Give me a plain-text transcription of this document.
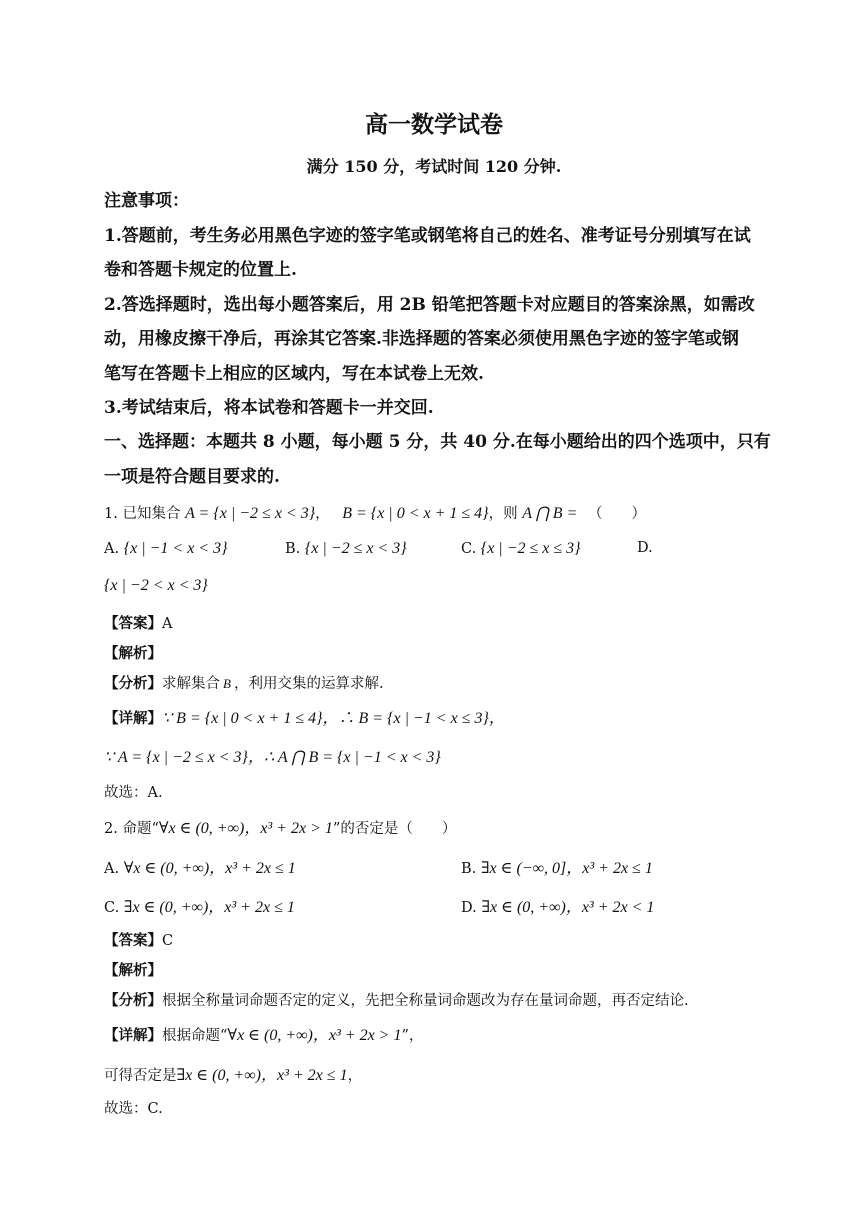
高一数学试卷
满分 150 分，考试时间 120 分钟.
注意事项：
1.答题前，考生务必用黑色字迹的签字笔或钢笔将自己的姓名、准考证号分别填写在试
卷和答题卡规定的位置上.
2.答选择题时，选出每小题答案后，用 2B 铅笔把答题卡对应题目的答案涂黑，如需改
动，用橡皮擦干净后，再涂其它答案.非选择题的答案必须使用黑色字迹的签字笔或钢
笔写在答题卡上相应的区域内，写在本试卷上无效.
3.考试结束后，将本试卷和答题卡一并交回.
一、选择题：本题共 8 小题，每小题 5 分，共 40 分.在每小题给出的四个选项中，只有
一项是符合题目要求的.
1. 已知集合 A = {x | −2 ≤ x < 3}， B = {x | 0 < x + 1 ≤ 4}，则 A ⋂ B = （　　）
A. {x | −1 < x < 3}	B. {x | −2 ≤ x < 3}	C. {x | −2 ≤ x ≤ 3}	D.
{x | −2 < x < 3}
【答案】A
【解析】
【分析】求解集合 B ，利用交集的运算求解.
【详解】∵ B = {x | 0 < x + 1 ≤ 4}，∴ B = {x | −1 < x ≤ 3}，
∵ A = {x | −2 ≤ x < 3}，∴ A ⋂ B = {x | −1 < x < 3}
故选：A.
2. 命题“∀x ∈ (0, +∞)，x³ + 2x > 1”的否定是（　　）
A. ∀x ∈ (0, +∞)，x³ + 2x ≤ 1	B. ∃x ∈ (−∞, 0]，x³ + 2x ≤ 1
C. ∃x ∈ (0, +∞)，x³ + 2x ≤ 1	D. ∃x ∈ (0, +∞)，x³ + 2x < 1
【答案】C
【解析】
【分析】根据全称量词命题否定的定义，先把全称量词命题改为存在量词命题，再否定结论.
【详解】根据命题“∀x ∈ (0, +∞)，x³ + 2x > 1”，
可得否定是∃x ∈ (0, +∞)，x³ + 2x ≤ 1，
故选：C.
